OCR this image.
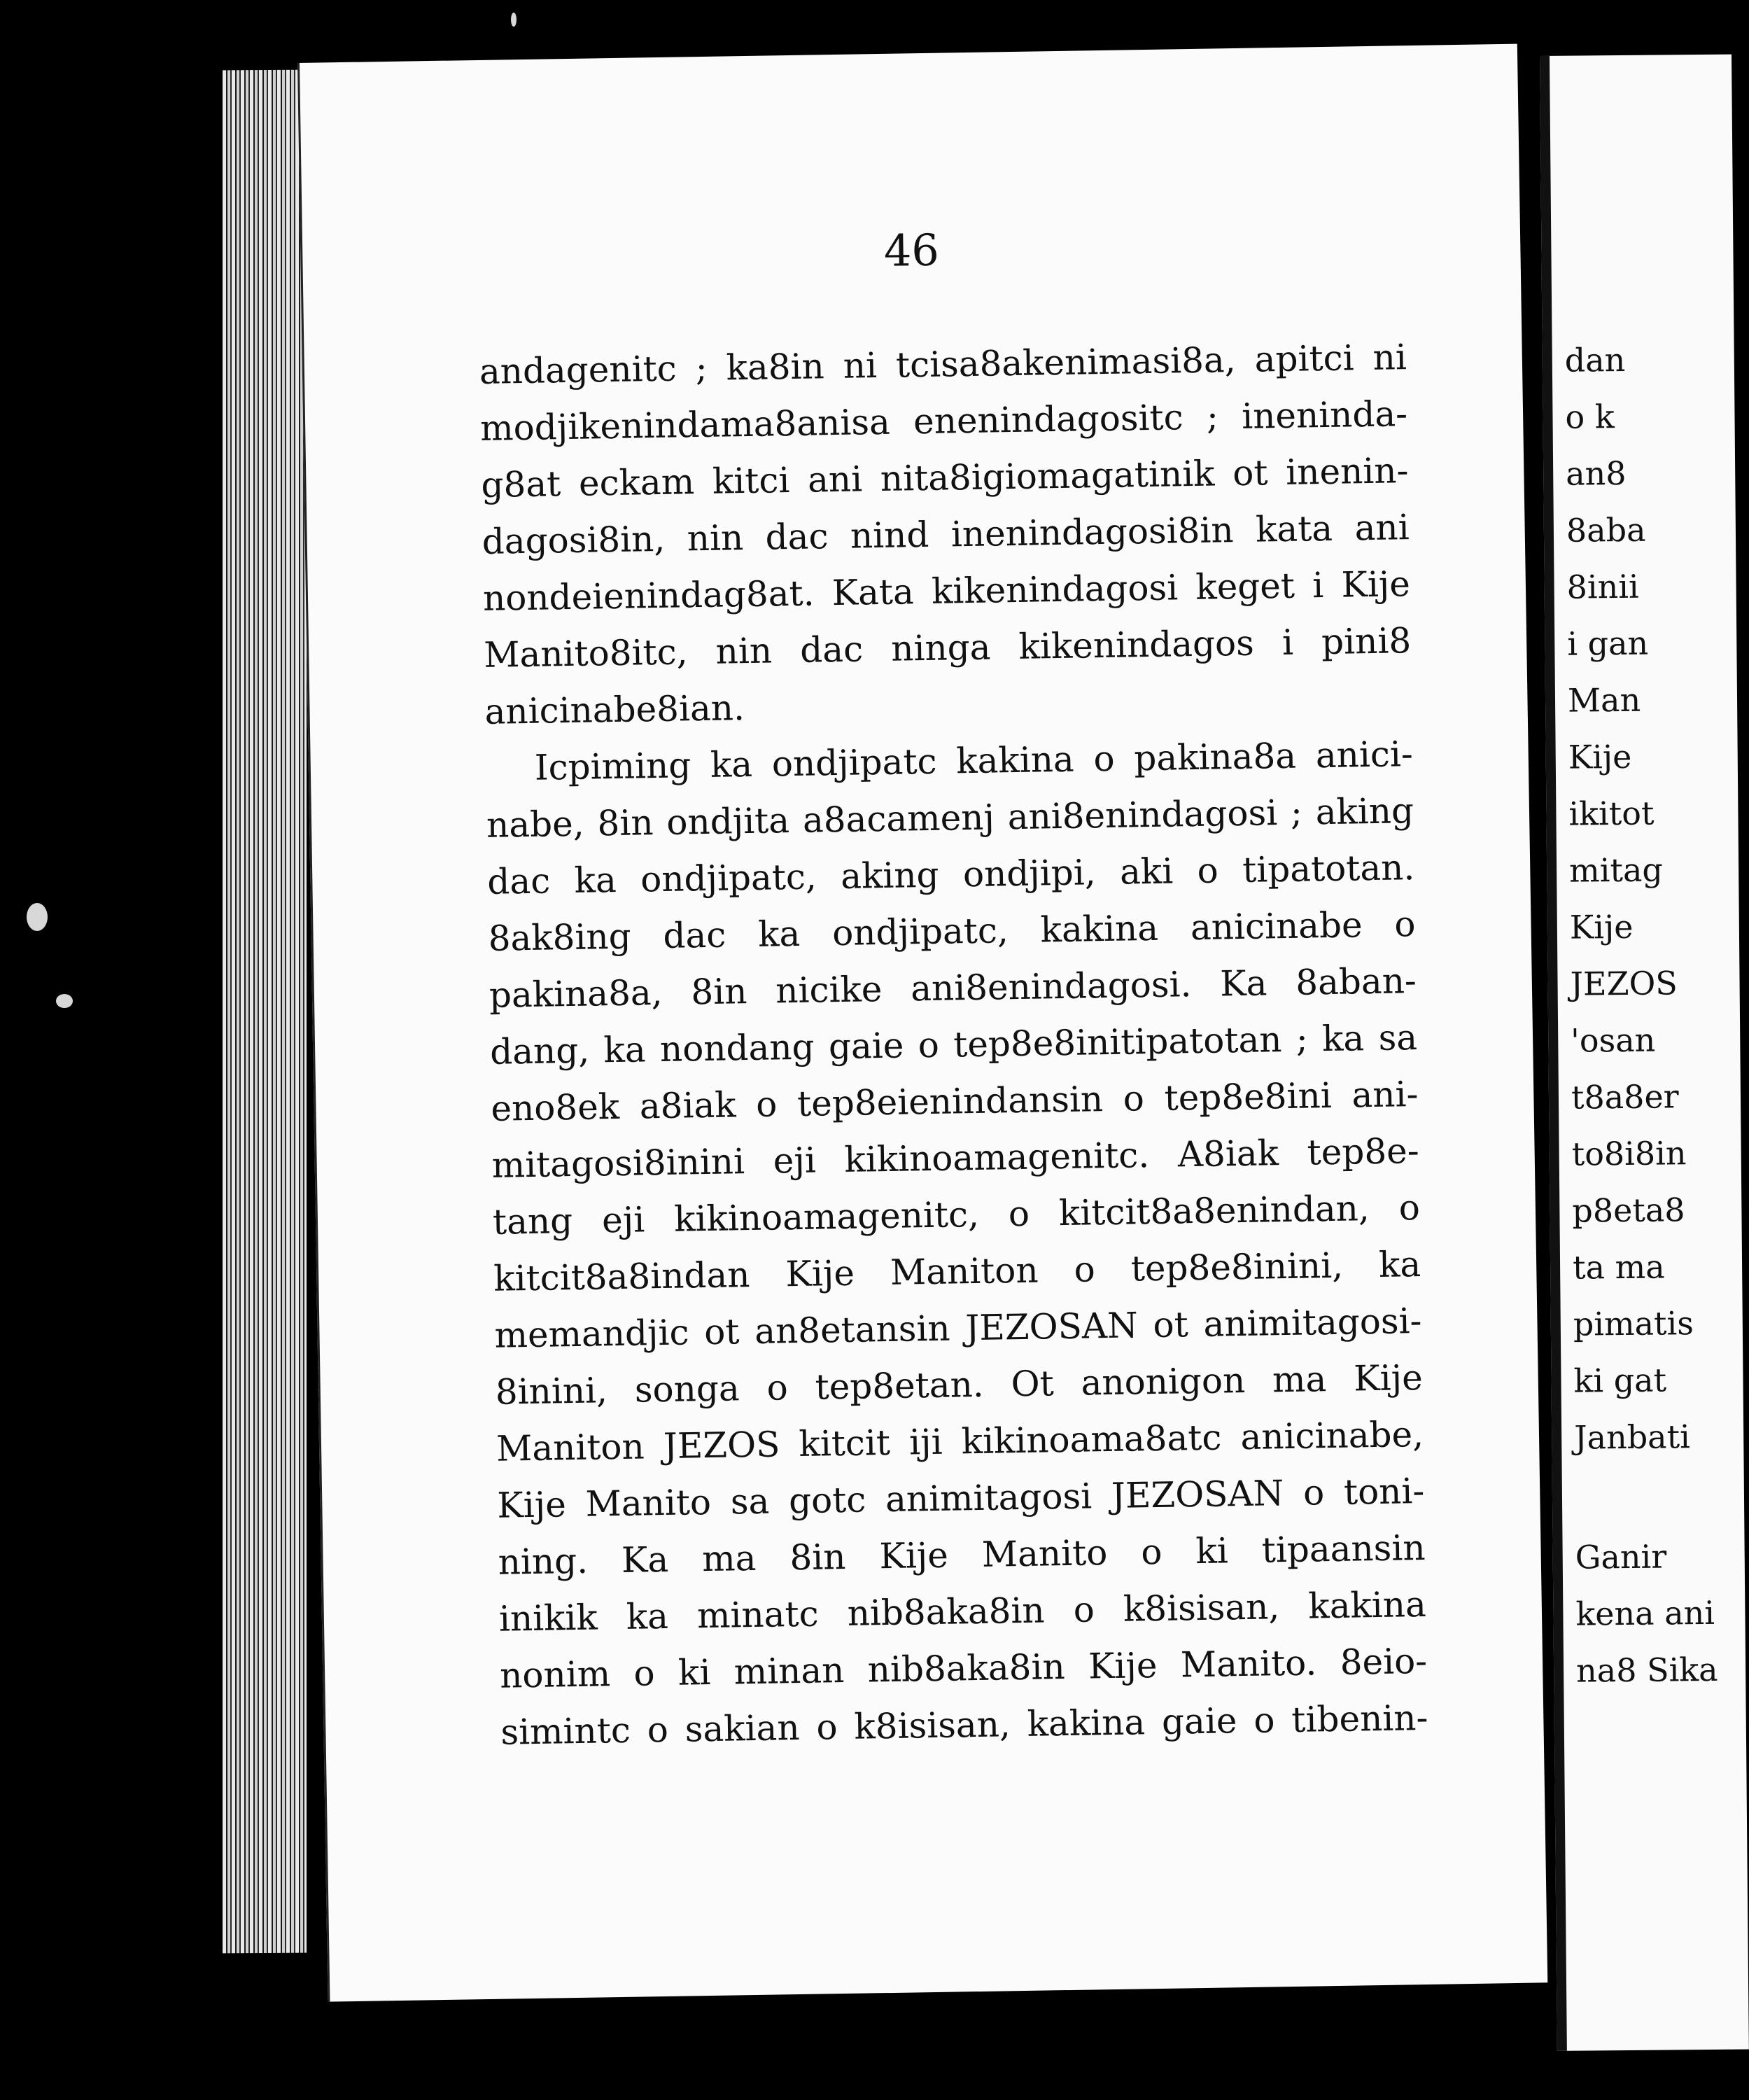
46
andagenitc ; ka8in ni tcisa8akenimasi8a, apitci ni
modjikenindama8anisa enenindagositc ; ineninda-
g8at eckam kitci ani nita8igiomagatinik ot inenin-
dagosi8in, nin dac nind inenindagosi8in kata ani
nondeienindag8at. Kata kikenindagosi keget i Kije
Manito8itc, nin dac ninga kikenindagos i pini8
anicinabe8ian.
Icpiming ka ondjipatc kakina o pakina8a anici-
nabe, 8in ondjita a8acamenj ani8enindagosi ; aking
dac ka ondjipatc, aking ondjipi, aki o tipatotan.
8ak8ing dac ka ondjipatc, kakina anicinabe o
pakina8a, 8in nicike ani8enindagosi. Ka 8aban-
dang, ka nondang gaie o tep8e8initipatotan ; ka sa
eno8ek a8iak o tep8eienindansin o tep8e8ini ani-
mitagosi8inini eji kikinoamagenitc. A8iak tep8e-
tang eji kikinoamagenitc, o kitcit8a8enindan, o
kitcit8a8indan Kije Maniton o tep8e8inini, ka
memandjic ot an8etansin JEZOSAN ot animitagosi-
8inini, songa o tep8etan. Ot anonigon ma Kije
Maniton JEZOS kitcit iji kikinoama8atc anicinabe,
Kije Manito sa gotc animitagosi JEZOSAN o toni-
ning. Ka ma 8in Kije Manito o ki tipaansin
inikik ka minatc nib8aka8in o k8isisan, kakina
nonim o ki minan nib8aka8in Kije Manito. 8eio-
simintc o sakian o k8isisan, kakina gaie o tibenin-
dan
o k
an8
8aba
8inii
i gan
Man
Kije
ikitot
mitag
Kije
JEZOS
'osan
t8a8er
to8i8in
p8eta8
ta ma
pimatis
ki gat
Janbati
Ganir
kena ani
na8 Sika
